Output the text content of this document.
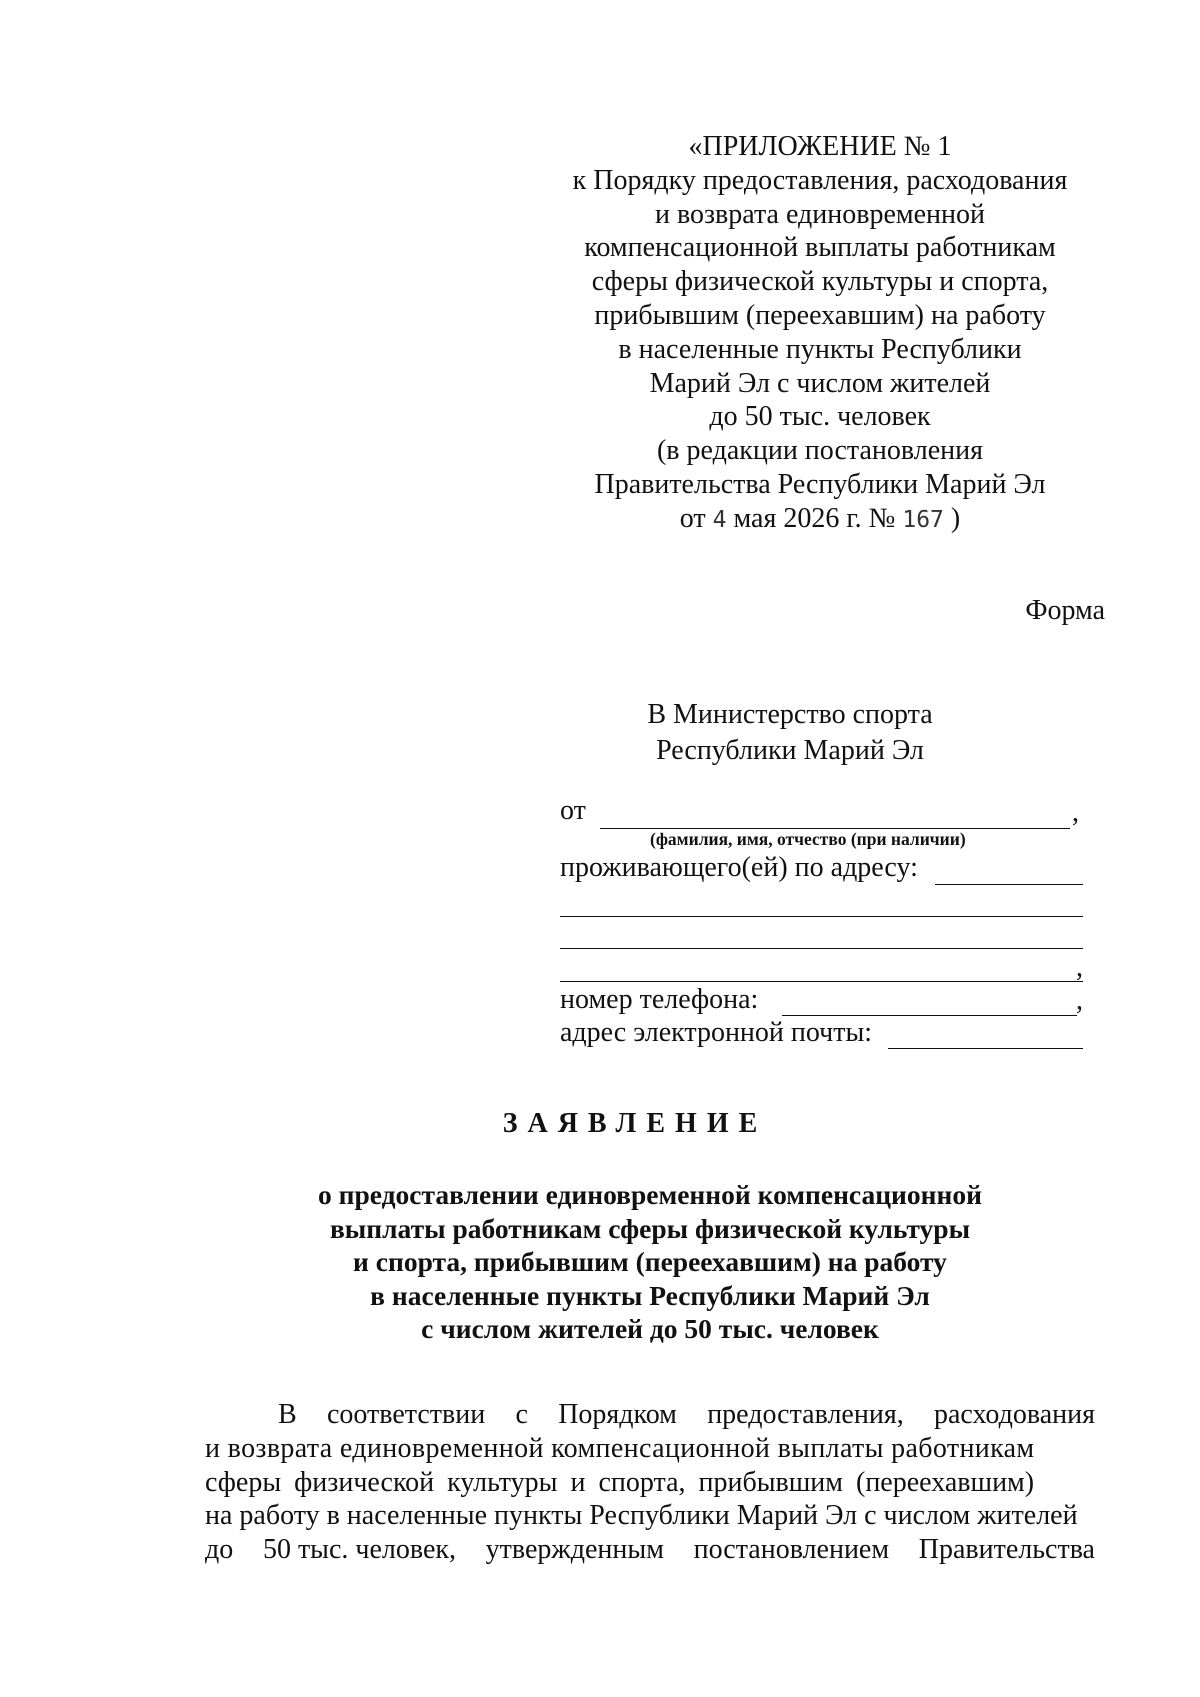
«ПРИЛОЖЕНИЕ № 1
к Порядку предоставления, расходования
и возврата единовременной
компенсационной выплаты работникам
сферы физической культуры и спорта,
прибывшим (переехавшим) на работу
в населенные пункты Республики
Марий Эл с числом жителей
до 50 тыс. человек
(в редакции постановления
Правительства Республики Марий Эл
от 4 мая 2026 г. № 167 )
Форма
В Министерство спорта
Республики Марий Эл
от	,
(фамилия, имя, отчество (при наличии)
проживающего(ей) по адресу:
,
номер телефона:	,
адрес электронной почты:
ЗАЯВЛЕНИЕ
о предоставлении единовременной компенсационной
выплаты работникам сферы физической культуры
и спорта, прибывшим (переехавшим) на работу
в населенные пункты Республики Марий Эл
с числом жителей до 50 тыс. человек
В соответствии с Порядком предоставления, расходования
и возврата единовременной компенсационной выплаты работникам
сферы физической культуры и спорта, прибывшим (переехавшим)
на работу в населенные пункты Республики Марий Эл с числом жителей
до 50 тыс. человек, утвержденным постановлением Правительства
